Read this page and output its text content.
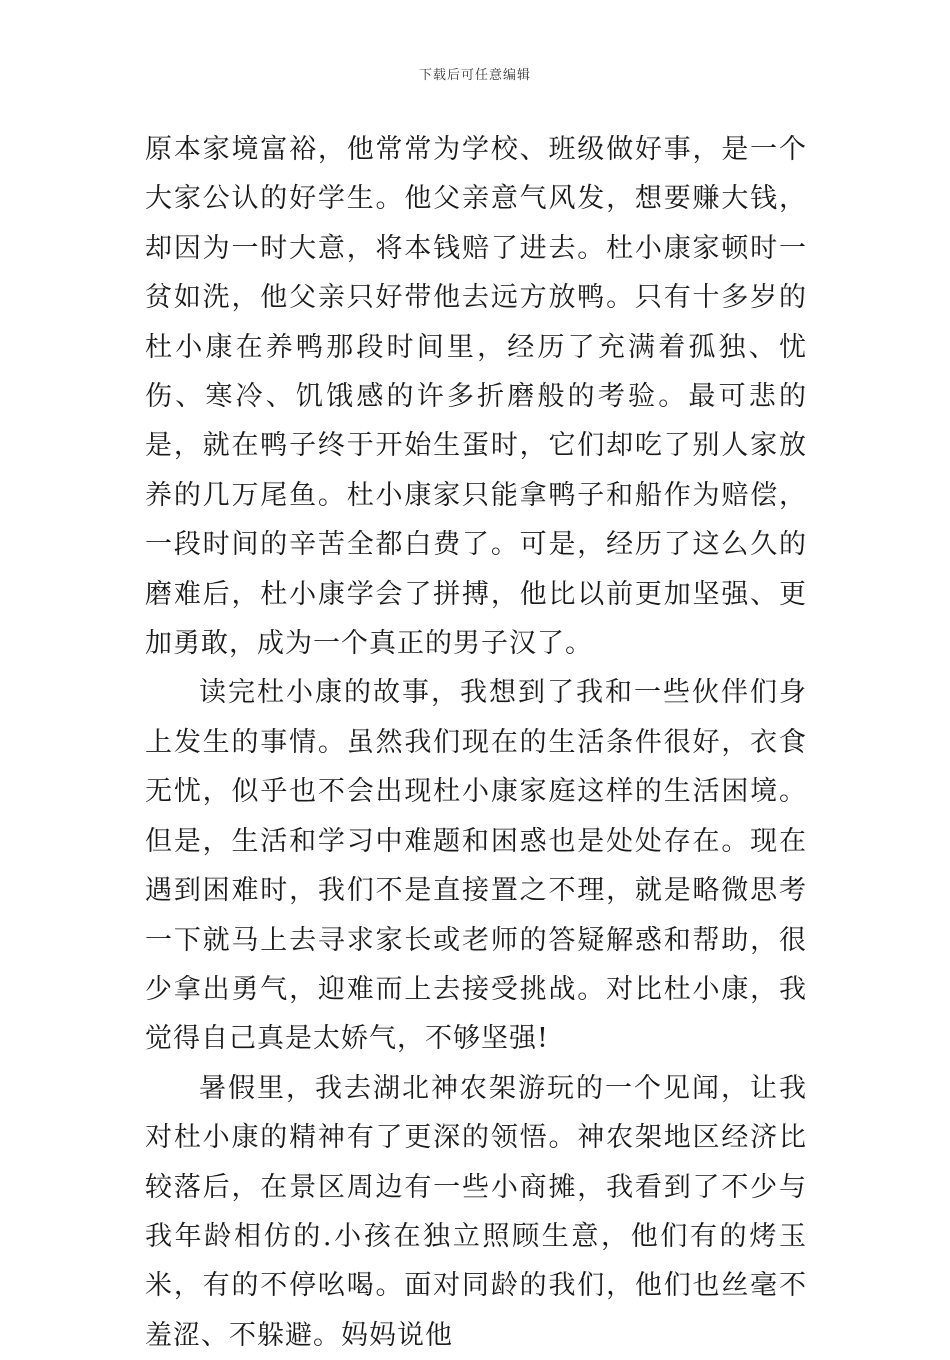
下载后可任意编辑

原本家境富裕，他常常为学校、班级做好事，是一个大家公认的好学生。他父亲意气风发，想要赚大钱，却因为一时大意，将本钱赔了进去。杜小康家顿时一贫如洗，他父亲只好带他去远方放鸭。只有十多岁的杜小康在养鸭那段时间里，经历了充满着孤独、忧伤、寒冷、饥饿感的许多折磨般的考验。最可悲的是，就在鸭子终于开始生蛋时，它们却吃了别人家放养的几万尾鱼。杜小康家只能拿鸭子和船作为赔偿，一段时间的辛苦全都白费了。可是，经历了这么久的磨难后，杜小康学会了拼搏，他比以前更加坚强、更加勇敢，成为一个真正的男子汉了。

读完杜小康的故事，我想到了我和一些伙伴们身上发生的事情。虽然我们现在的生活条件很好，衣食无忧，似乎也不会出现杜小康家庭这样的生活困境。但是，生活和学习中难题和困惑也是处处存在。现在遇到困难时，我们不是直接置之不理，就是略微思考一下就马上去寻求家长或老师的答疑解惑和帮助，很少拿出勇气，迎难而上去接受挑战。对比杜小康，我觉得自己真是太娇气，不够坚强!

暑假里，我去湖北神农架游玩的一个见闻，让我对杜小康的精神有了更深的领悟。神农架地区经济比较落后，在景区周边有一些小商摊，我看到了不少与我年龄相仿的.小孩在独立照顾生意，他们有的烤玉米，有的不停吆喝。面对同龄的我们，他们也丝毫不羞涩、不躲避。妈妈说他
